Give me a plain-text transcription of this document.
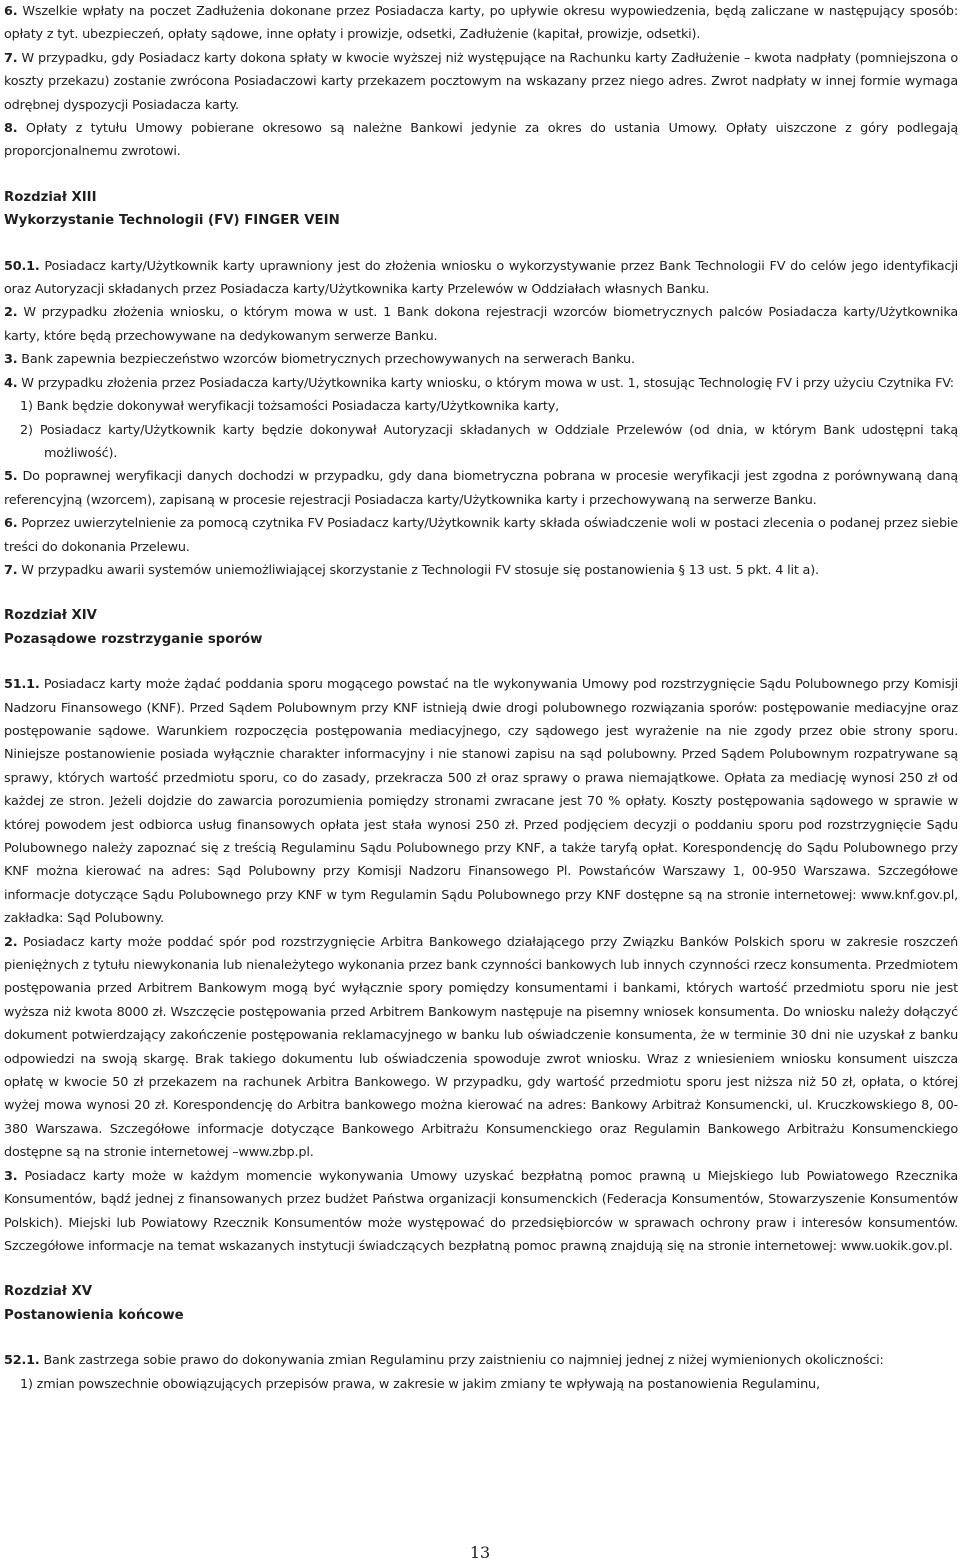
6. Wszelkie wpłaty na poczet Zadłużenia dokonane przez Posiadacza karty, po upływie okresu wypowiedzenia, będą zaliczane w następujący sposób: opłaty z tyt. ubezpieczeń, opłaty sądowe, inne opłaty i prowizje, odsetki, Zadłużenie (kapitał, prowizje, odsetki).

7. W przypadku, gdy Posiadacz karty dokona spłaty w kwocie wyższej niż występujące na Rachunku karty Zadłużenie – kwota nadpłaty (pomniejszona o koszty przekazu) zostanie zwrócona Posiadaczowi karty przekazem pocztowym na wskazany przez niego adres. Zwrot nadpłaty w innej formie wymaga odrębnej dyspozycji Posiadacza karty.

8. Opłaty z tytułu Umowy pobierane okresowo są należne Bankowi jedynie za okres do ustania Umowy. Opłaty uiszczone z góry podlegają proporcjonalnemu zwrotowi.

Rozdział XIII

Wykorzystanie Technologii (FV) FINGER VEIN

50.1. Posiadacz karty/Użytkownik karty uprawniony jest do złożenia wniosku o wykorzystywanie przez Bank Technologii FV do celów jego identyfikacji oraz Autoryzacji składanych przez Posiadacza karty/Użytkownika karty Przelewów w Oddziałach własnych Banku.

2. W przypadku złożenia wniosku, o którym mowa w ust. 1 Bank dokona rejestracji wzorców biometrycznych palców Posiadacza karty/Użytkownika karty, które będą przechowywane na dedykowanym serwerze Banku.

3. Bank zapewnia bezpieczeństwo wzorców biometrycznych przechowywanych na serwerach Banku.

4. W przypadku złożenia przez Posiadacza karty/Użytkownika karty wniosku, o którym mowa w ust. 1, stosując Technologię FV i przy użyciu Czytnika FV:

1) Bank będzie dokonywał weryfikacji tożsamości Posiadacza karty/Użytkownika karty,

2) Posiadacz karty/Użytkownik karty będzie dokonywał Autoryzacji składanych w Oddziale Przelewów (od dnia, w którym Bank udostępni taką możliwość).

5. Do poprawnej weryfikacji danych dochodzi w przypadku, gdy dana biometryczna pobrana w procesie weryfikacji jest zgodna z porównywaną daną referencyjną (wzorcem), zapisaną w procesie rejestracji Posiadacza karty/Użytkownika karty i przechowywaną na serwerze Banku.

6. Poprzez uwierzytelnienie za pomocą czytnika FV Posiadacz karty/Użytkownik karty składa oświadczenie woli w postaci zlecenia o podanej przez siebie treści do dokonania Przelewu.

7. W przypadku awarii systemów uniemożliwiającej skorzystanie z Technologii FV stosuje się postanowienia § 13 ust. 5 pkt. 4 lit a).

Rozdział XIV

Pozasądowe rozstrzyganie sporów

51.1. Posiadacz karty może żądać poddania sporu mogącego powstać na tle wykonywania Umowy pod rozstrzygnięcie Sądu Polubownego przy Komisji Nadzoru Finansowego (KNF). Przed Sądem Polubownym przy KNF istnieją dwie drogi polubownego rozwiązania sporów: postępowanie mediacyjne oraz postępowanie sądowe. Warunkiem rozpoczęcia postępowania mediacyjnego, czy sądowego jest wyrażenie na nie zgody przez obie strony sporu. Niniejsze postanowienie posiada wyłącznie charakter informacyjny i nie stanowi zapisu na sąd polubowny. Przed Sądem Polubownym rozpatrywane są sprawy, których wartość przedmiotu sporu, co do zasady, przekracza 500 zł oraz sprawy o prawa niemajątkowe. Opłata za mediację wynosi 250 zł od każdej ze stron. Jeżeli dojdzie do zawarcia porozumienia pomiędzy stronami zwracane jest 70 % opłaty. Koszty postępowania sądowego w sprawie w której powodem jest odbiorca usług finansowych opłata jest stała wynosi 250 zł. Przed podjęciem decyzji o poddaniu sporu pod rozstrzygnięcie Sądu Polubownego należy zapoznać się z treścią Regulaminu Sądu Polubownego przy KNF, a także taryfą opłat. Korespondencję do Sądu Polubownego przy KNF można kierować na adres: Sąd Polubowny przy Komisji Nadzoru Finansowego Pl. Powstańców Warszawy 1, 00-950 Warszawa. Szczegółowe informacje dotyczące Sądu Polubownego przy KNF w tym Regulamin Sądu Polubownego przy KNF dostępne są na stronie internetowej: www.knf.gov.pl, zakładka: Sąd Polubowny.

2. Posiadacz karty może poddać spór pod rozstrzygnięcie Arbitra Bankowego działającego przy Związku Banków Polskich sporu w zakresie roszczeń pieniężnych z tytułu niewykonania lub nienależytego wykonania przez bank czynności bankowych lub innych czynności rzecz konsumenta. Przedmiotem postępowania przed Arbitrem Bankowym mogą być wyłącznie spory pomiędzy konsumentami i bankami, których wartość przedmiotu sporu nie jest wyższa niż kwota 8000 zł. Wszczęcie postępowania przed Arbitrem Bankowym następuje na pisemny wniosek konsumenta. Do wniosku należy dołączyć dokument potwierdzający zakończenie postępowania reklamacyjnego w banku lub oświadczenie konsumenta, że w terminie 30 dni nie uzyskał z banku odpowiedzi na swoją skargę. Brak takiego dokumentu lub oświadczenia spowoduje zwrot wniosku. Wraz z wniesieniem wniosku konsument uiszcza opłatę w kwocie 50 zł przekazem na rachunek Arbitra Bankowego. W przypadku, gdy wartość przedmiotu sporu jest niższa niż 50 zł, opłata, o której wyżej mowa wynosi 20 zł. Korespondencję do Arbitra bankowego można kierować na adres: Bankowy Arbitraż Konsumencki, ul. Kruczkowskiego 8, 00-380 Warszawa. Szczegółowe informacje dotyczące Bankowego Arbitrażu Konsumenckiego oraz Regulamin Bankowego Arbitrażu Konsumenckiego dostępne są na stronie internetowej –www.zbp.pl.

3. Posiadacz karty może w każdym momencie wykonywania Umowy uzyskać bezpłatną pomoc prawną u Miejskiego lub Powiatowego Rzecznika Konsumentów, bądź jednej z finansowanych przez budżet Państwa organizacji konsumenckich (Federacja Konsumentów, Stowarzyszenie Konsumentów Polskich). Miejski lub Powiatowy Rzecznik Konsumentów może występować do przedsiębiorców w sprawach ochrony praw i interesów konsumentów. Szczegółowe informacje na temat wskazanych instytucji świadczących bezpłatną pomoc prawną znajdują się na stronie internetowej: www.uokik.gov.pl.

Rozdział XV

Postanowienia końcowe

52.1. Bank zastrzega sobie prawo do dokonywania zmian Regulaminu przy zaistnieniu co najmniej jednej z niżej wymienionych okoliczności:

1) zmian powszechnie obowiązujących przepisów prawa, w zakresie w jakim zmiany te wpływają na postanowienia Regulaminu,

13
